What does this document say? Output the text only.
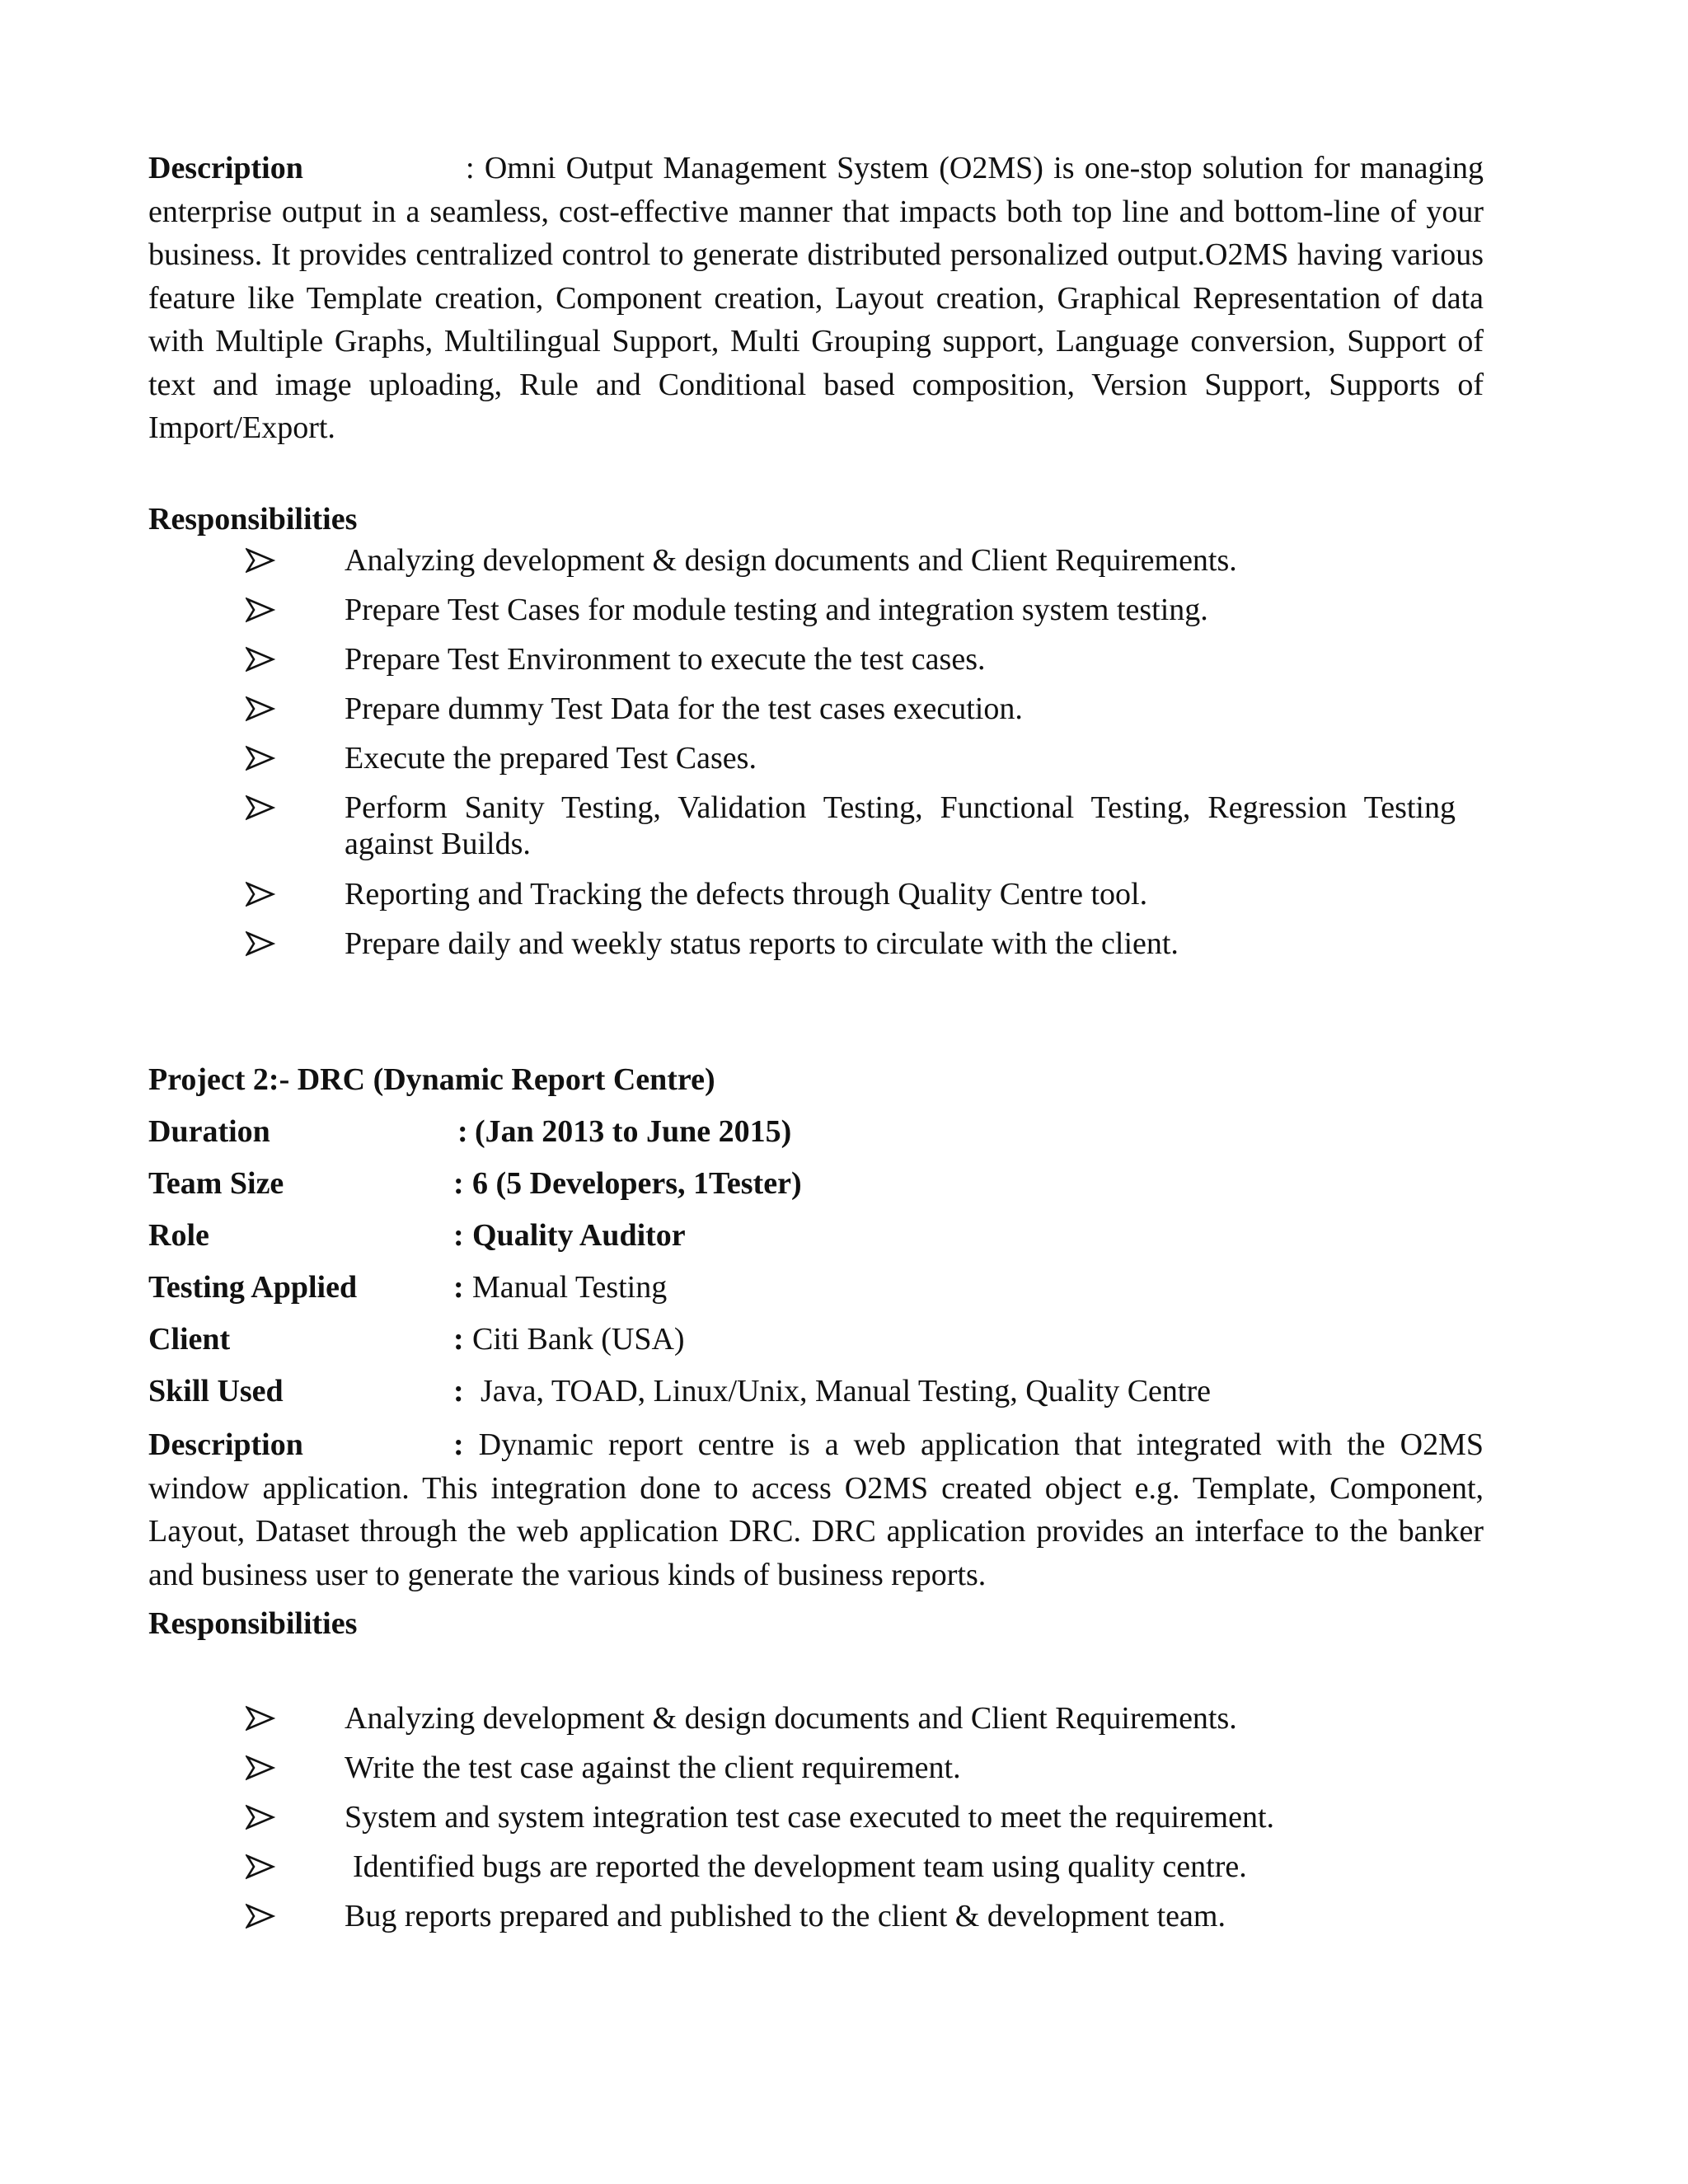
Description	: Omni Output Management System (O2MS) is one-stop solution for managing enterprise output in a seamless, cost-effective manner that impacts both top line and bottom-line of your business. It provides centralized control to generate distributed personalized output.O2MS having various feature like Template creation, Component creation, Layout creation, Graphical Representation of data with Multiple Graphs, Multilingual Support, Multi Grouping support, Language conversion, Support of text and image uploading, Rule and Conditional based composition, Version Support, Supports of Import/Export.

Responsibilities

Analyzing development & design documents and Client Requirements.
Prepare Test Cases for module testing and integration system testing.
Prepare Test Environment to execute the test cases.
Prepare dummy Test Data for the test cases execution.
Execute the prepared Test Cases.
Perform Sanity Testing, Validation Testing, Functional Testing, Regression Testing against Builds.
Reporting and Tracking the defects through Quality Centre tool.
Prepare daily and weekly status reports to circulate with the client.

Project 2:- DRC (Dynamic Report Centre)

Duration	: (Jan 2013 to June 2015)
Team Size	: 6 (5 Developers, 1Tester)
Role	: Quality Auditor
Testing Applied	: Manual Testing
Client	: Citi Bank (USA)
Skill Used	: Java, TOAD, Linux/Unix, Manual Testing, Quality Centre

Description	: Dynamic report centre is a web application that integrated with the O2MS window application. This integration done to access O2MS created object e.g. Template, Component, Layout, Dataset through the web application DRC. DRC application provides an interface to the banker and business user to generate the various kinds of business reports.

Responsibilities

Analyzing development & design documents and Client Requirements.
Write the test case against the client requirement.
System and system integration test case executed to meet the requirement.
Identified bugs are reported the development team using quality centre.
Bug reports prepared and published to the client & development team.
